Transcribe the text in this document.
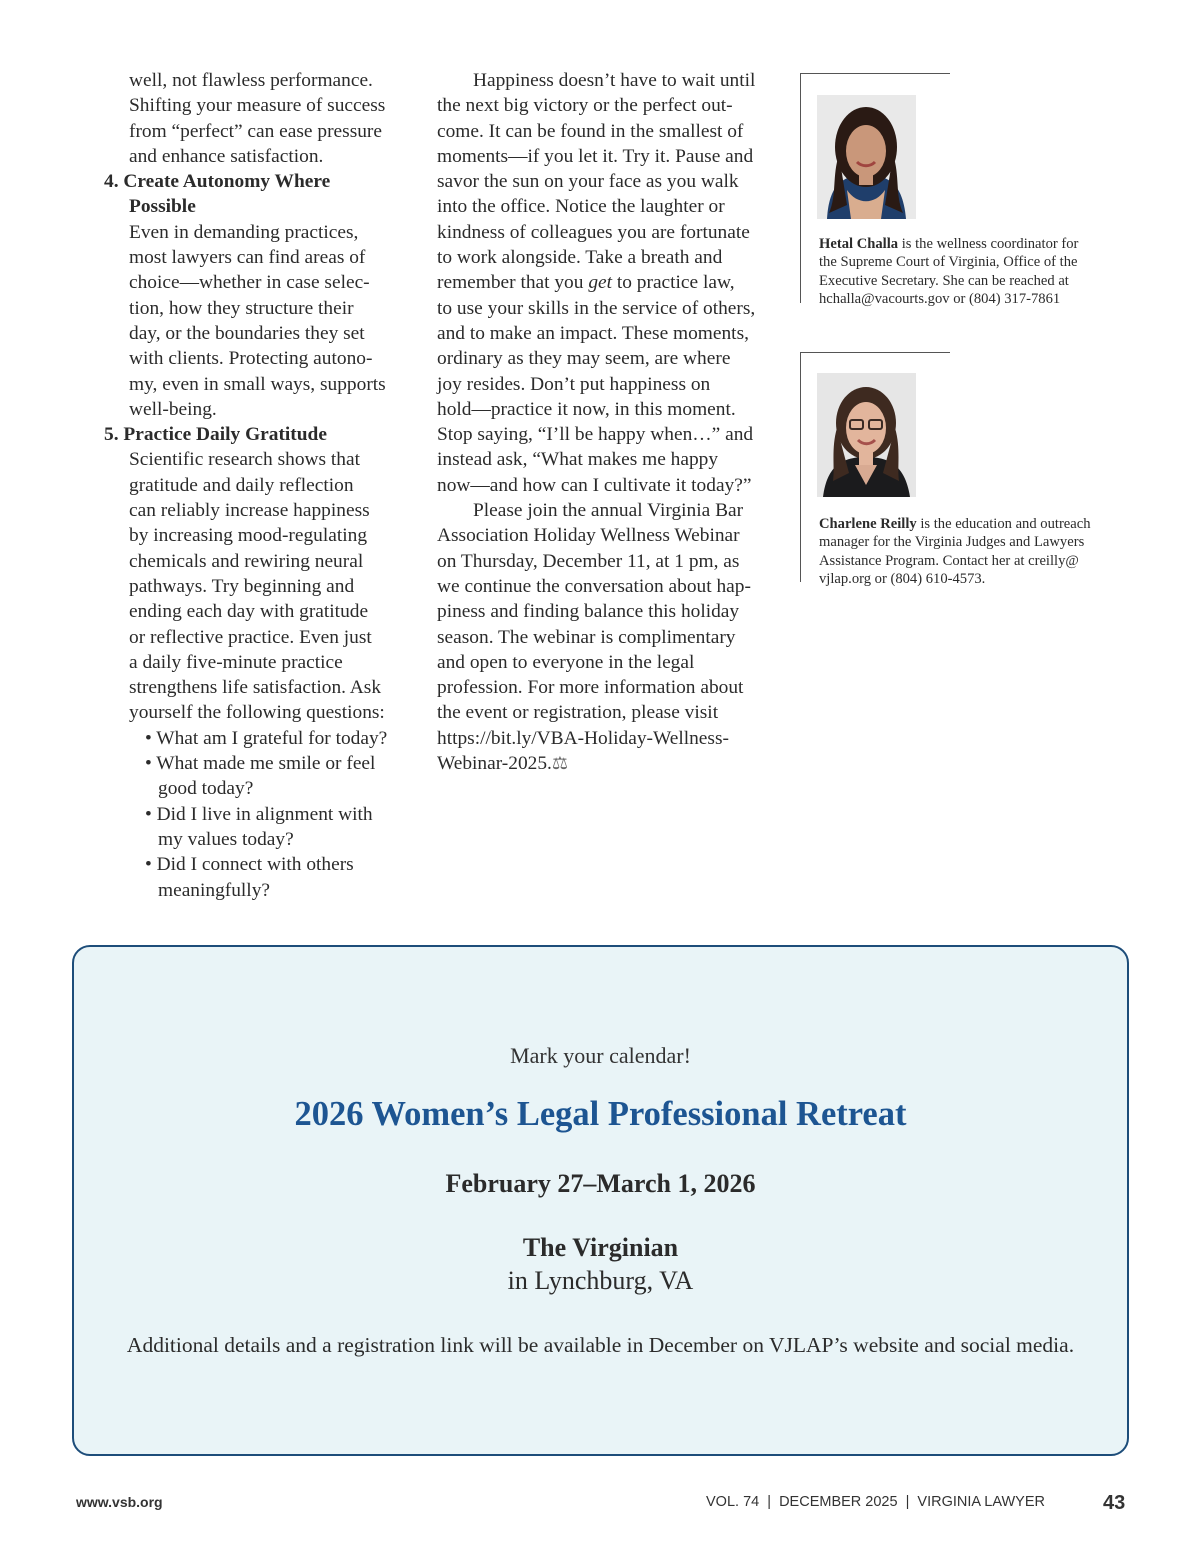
well, not flawless performance.
Shifting your measure of success
from “perfect” can ease pressure
and enhance satisfaction.
4. Create Autonomy Where
Possible
Even in demanding practices,
most lawyers can find areas of
choice—whether in case selec-
tion, how they structure their
day, or the boundaries they set
with clients. Protecting autono-
my, even in small ways, supports
well-being.
5. Practice Daily Gratitude
Scientific research shows that
gratitude and daily reflection
can reliably increase happiness
by increasing mood-regulating
chemicals and rewiring neural
pathways. Try beginning and
ending each day with gratitude
or reflective practice. Even just
a daily five-minute practice
strengthens life satisfaction. Ask
yourself the following questions:
• What am I grateful for today?
• What made me smile or feel
good today?
• Did I live in alignment with
my values today?
• Did I connect with others
meaningfully?
Happiness doesn’t have to wait until
the next big victory or the perfect out-
come. It can be found in the smallest of
moments—if you let it. Try it. Pause and
savor the sun on your face as you walk
into the office. Notice the laughter or
kindness of colleagues you are fortunate
to work alongside. Take a breath and
remember that you get to practice law,
to use your skills in the service of others,
and to make an impact. These moments,
ordinary as they may seem, are where
joy resides. Don’t put happiness on
hold—practice it now, in this moment.
Stop saying, “I’ll be happy when…” and
instead ask, “What makes me happy
now—and how can I cultivate it today?”
Please join the annual Virginia Bar
Association Holiday Wellness Webinar
on Thursday, December 11, at 1 pm, as
we continue the conversation about hap-
piness and finding balance this holiday
season. The webinar is complimentary
and open to everyone in the legal
profession. For more information about
the event or registration, please visit
https://bit.ly/VBA-Holiday-Wellness-
Webinar-2025.⚖
Hetal Challa is the wellness coordinator for
the Supreme Court of Virginia, Office of the
Executive Secretary. She can be reached at
hchalla@vacourts.gov or (804) 317-7861
Charlene Reilly is the education and outreach
manager for the Virginia Judges and Lawyers
Assistance Program. Contact her at creilly@
vjlap.org or (804) 610-4573.
Mark your calendar!
2026 Women’s Legal Professional Retreat
February 27–March 1, 2026
The Virginian
in Lynchburg, VA
Additional details and a registration link will be available in December on VJLAP’s website and social media.
www.vsb.org	VOL. 74  |  DECEMBER 2025  |  VIRGINIA LAWYER	43
